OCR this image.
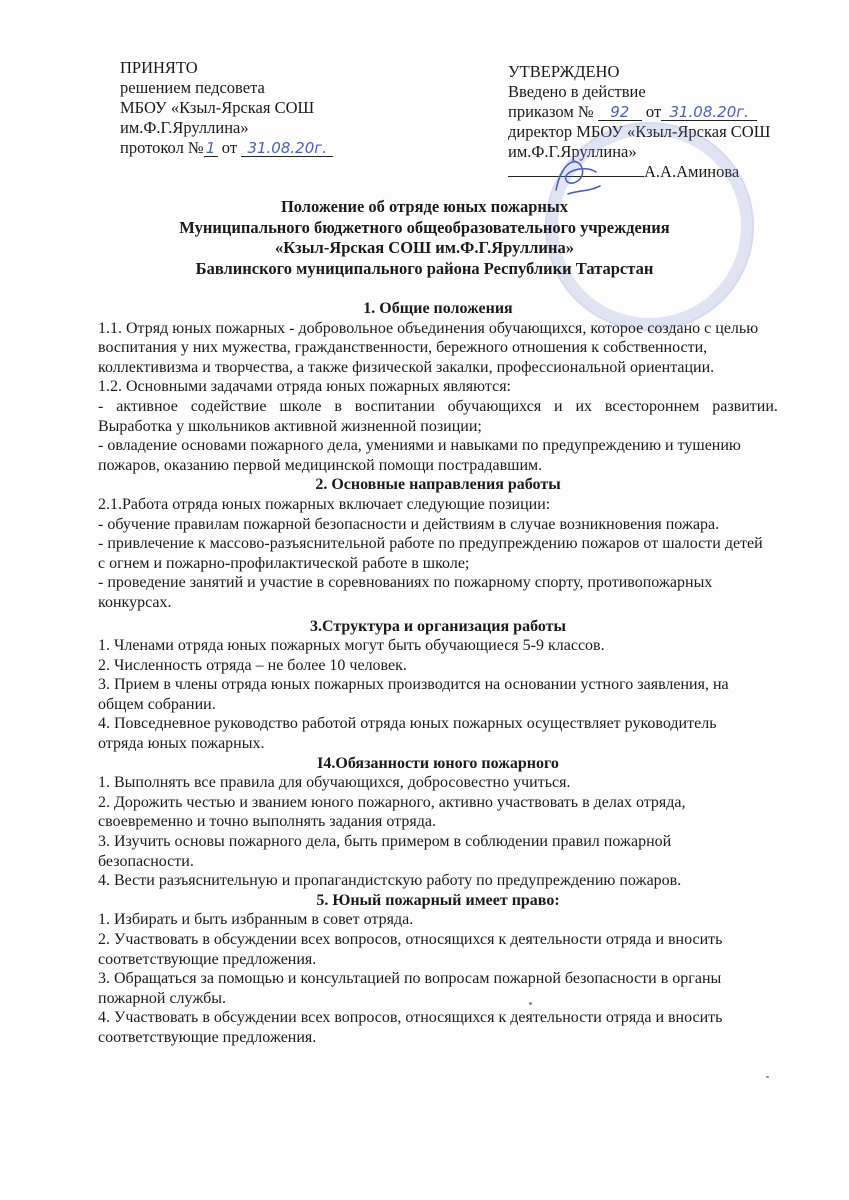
ПРИНЯТО
решением педсовета
МБОУ «Кзыл-Ярская СОШ
им.Ф.Г.Яруллина»
протокол № 1 от 31.08.20г.
УТВЕРЖДЕНО
Введено в действие
приказом № 92 от 31.08.20г.
директор МБОУ «Кзыл-Ярская СОШ
им.Ф.Г.Яруллина»
А.А.Аминова
Положение об отряде юных пожарных
Муниципального бюджетного общеобразовательного учреждения
«Кзыл-Ярская СОШ им.Ф.Г.Яруллина»
Бавлинского муниципального района Республики Татарстан
1. Общие положения
1.1. Отряд юных пожарных - добровольное объединения обучающихся, которое создано с целью
воспитания у них мужества, гражданственности, бережного отношения к собственности,
коллективизма и творчества, а также физической закалки, профессиональной ориентации.
1.2. Основными задачами отряда юных пожарных являются:
- активное содействие школе в воспитании обучающихся и их всестороннем развитии.
Выработка у школьников активной жизненной позиции;
- овладение основами пожарного дела, умениями и навыками по предупреждению и тушению
пожаров, оказанию первой медицинской помощи пострадавшим.
2. Основные направления работы
2.1.Работа отряда юных пожарных включает следующие позиции:
- обучение правилам пожарной безопасности и действиям в случае возникновения пожара.
- привлечение к массово-разъяснительной работе по предупреждению пожаров от шалости детей
с огнем и пожарно-профилактической работе в школе;
- проведение занятий и участие в соревнованиях по пожарному спорту, противопожарных
конкурсах.
3.Структура и организация работы
1. Членами отряда юных пожарных могут быть обучающиеся 5-9 классов.
2. Численность отряда – не более 10 человек.
3. Прием в члены отряда юных пожарных производится на основании устного заявления, на
общем собрании.
4. Повседневное руководство работой отряда юных пожарных осуществляет руководитель
отряда юных пожарных.
I4.Обязанности юного пожарного
1. Выполнять все правила для обучающихся, добросовестно учиться.
2. Дорожить честью и званием юного пожарного, активно участвовать в делах отряда,
своевременно и точно выполнять задания отряда.
3. Изучить основы пожарного дела, быть примером в соблюдении правил пожарной
безопасности.
4. Вести разъяснительную и пропагандистскую работу по предупреждению пожаров.
5. Юный пожарный имеет право:
1. Избирать и быть избранным в совет отряда.
2. Участвовать в обсуждении всех вопросов, относящихся к деятельности отряда и вносить
соответствующие предложения.
3. Обращаться за помощью и консультацией по вопросам пожарной безопасности в органы
пожарной службы.
4. Участвовать в обсуждении всех вопросов, относящихся к деятельности отряда и вносить
соответствующие предложения.
